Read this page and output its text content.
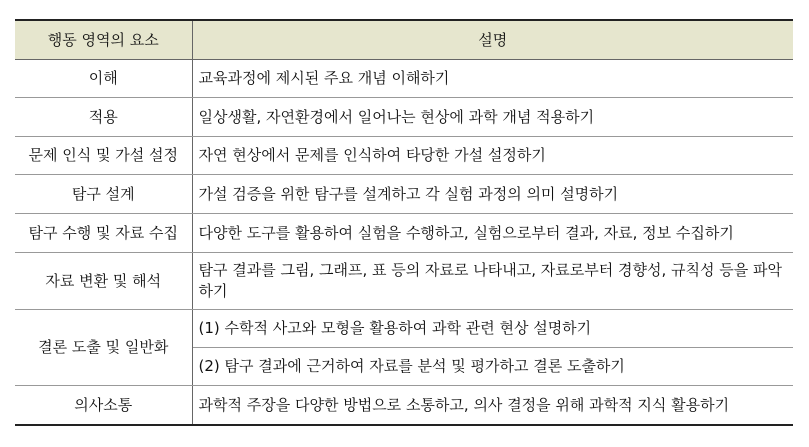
행동 영역의 요소	설명
이해	교육과정에 제시된 주요 개념 이해하기
적용	일상생활, 자연환경에서 일어나는 현상에 과학 개념 적용하기
문제 인식 및 가설 설정	자연 현상에서 문제를 인식하여 타당한 가설 설정하기
탐구 설계	가설 검증을 위한 탐구를 설계하고 각 실험 과정의 의미 설명하기
탐구 수행 및 자료 수집	다양한 도구를 활용하여 실험을 수행하고, 실험으로부터 결과, 자료, 정보 수집하기
자료 변환 및 해석	탐구 결과를 그림, 그래프, 표 등의 자료로 나타내고, 자료로부터 경향성, 규칙성 등을 파악하기
결론 도출 및 일반화	(1) 수학적 사고와 모형을 활용하여 과학 관련 현상 설명하기
	(2) 탐구 결과에 근거하여 자료를 분석 및 평가하고 결론 도출하기
의사소통	과학적 주장을 다양한 방법으로 소통하고, 의사 결정을 위해 과학적 지식 활용하기
